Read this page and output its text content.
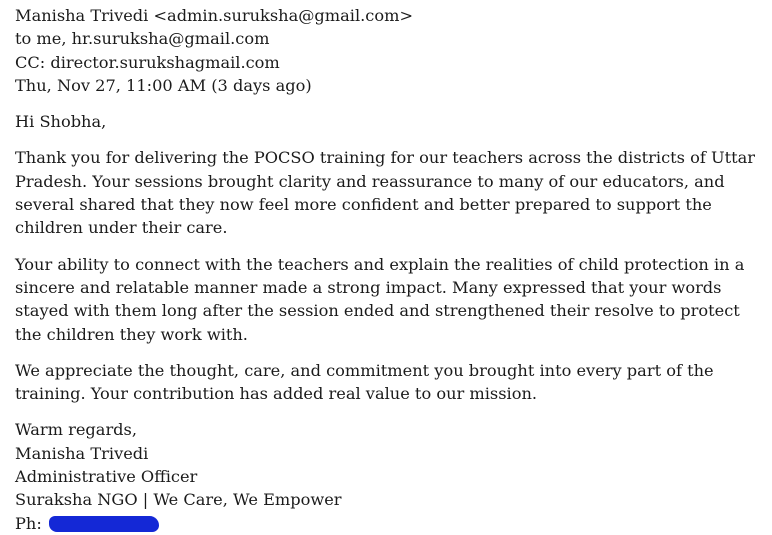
Manisha Trivedi <admin.suruksha@gmail.com>
to me, hr.suruksha@gmail.com
CC: director.surukshagmail.com
Thu, Nov 27, 11:00 AM (3 days ago)
Hi Shobha,
Thank you for delivering the POCSO training for our teachers across the districts of Uttar Pradesh. Your sessions brought clarity and reassurance to many of our educators, and several shared that they now feel more confident and better prepared to support the children under their care.
Your ability to connect with the teachers and explain the realities of child protection in a sincere and relatable manner made a strong impact. Many expressed that your words stayed with them long after the session ended and strengthened their resolve to protect the children they work with.
We appreciate the thought, care, and commitment you brought into every part of the training. Your contribution has added real value to our mission.
Warm regards,
Manisha Trivedi
Administrative Officer
Suraksha NGO | We Care, We Empower
Ph:
